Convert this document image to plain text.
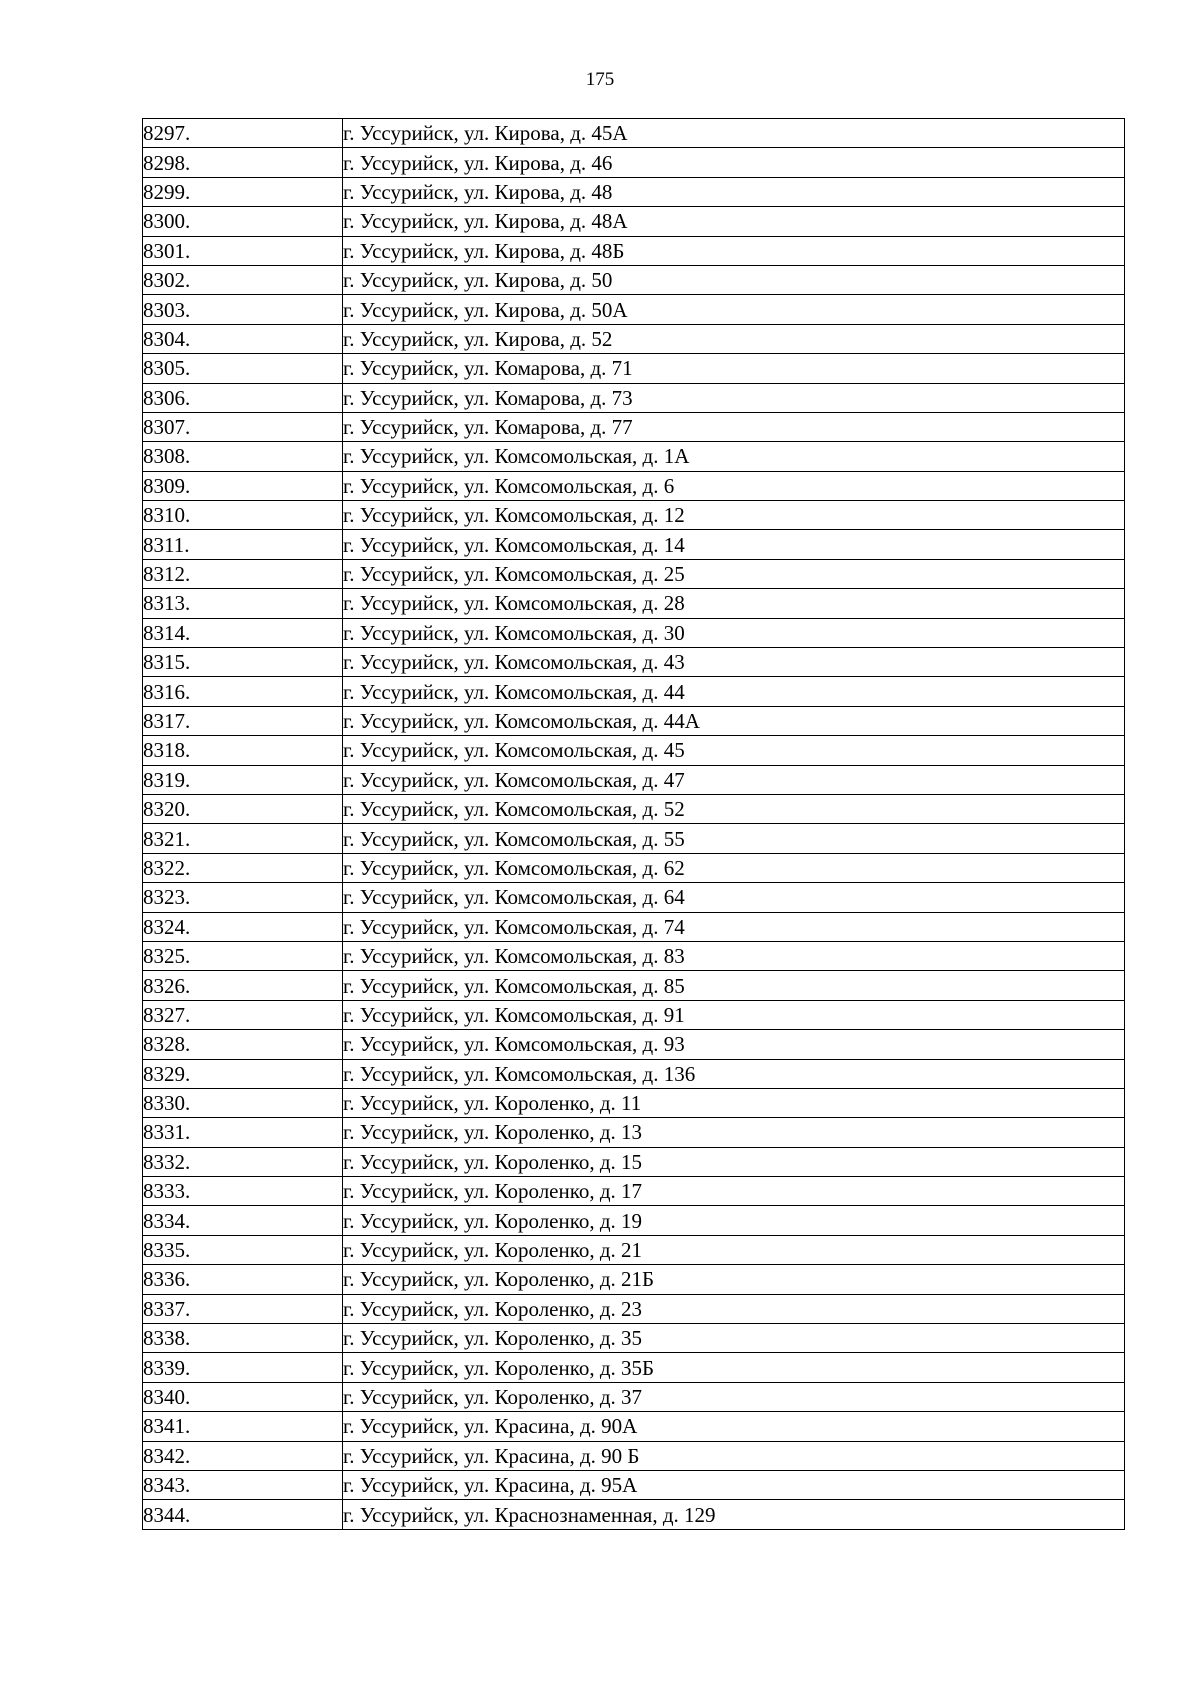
175
8297.	г. Уссурийск, ул. Кирова, д. 45А
8298.	г. Уссурийск, ул. Кирова, д. 46
8299.	г. Уссурийск, ул. Кирова, д. 48
8300.	г. Уссурийск, ул. Кирова, д. 48А
8301.	г. Уссурийск, ул. Кирова, д. 48Б
8302.	г. Уссурийск, ул. Кирова, д. 50
8303.	г. Уссурийск, ул. Кирова, д. 50А
8304.	г. Уссурийск, ул. Кирова, д. 52
8305.	г. Уссурийск, ул. Комарова, д. 71
8306.	г. Уссурийск, ул. Комарова, д. 73
8307.	г. Уссурийск, ул. Комарова, д. 77
8308.	г. Уссурийск, ул. Комсомольская, д. 1А
8309.	г. Уссурийск, ул. Комсомольская, д. 6
8310.	г. Уссурийск, ул. Комсомольская, д. 12
8311.	г. Уссурийск, ул. Комсомольская, д. 14
8312.	г. Уссурийск, ул. Комсомольская, д. 25
8313.	г. Уссурийск, ул. Комсомольская, д. 28
8314.	г. Уссурийск, ул. Комсомольская, д. 30
8315.	г. Уссурийск, ул. Комсомольская, д. 43
8316.	г. Уссурийск, ул. Комсомольская, д. 44
8317.	г. Уссурийск, ул. Комсомольская, д. 44А
8318.	г. Уссурийск, ул. Комсомольская, д. 45
8319.	г. Уссурийск, ул. Комсомольская, д. 47
8320.	г. Уссурийск, ул. Комсомольская, д. 52
8321.	г. Уссурийск, ул. Комсомольская, д. 55
8322.	г. Уссурийск, ул. Комсомольская, д. 62
8323.	г. Уссурийск, ул. Комсомольская, д. 64
8324.	г. Уссурийск, ул. Комсомольская, д. 74
8325.	г. Уссурийск, ул. Комсомольская, д. 83
8326.	г. Уссурийск, ул. Комсомольская, д. 85
8327.	г. Уссурийск, ул. Комсомольская, д. 91
8328.	г. Уссурийск, ул. Комсомольская, д. 93
8329.	г. Уссурийск, ул. Комсомольская, д. 136
8330.	г. Уссурийск, ул. Короленко, д. 11
8331.	г. Уссурийск, ул. Короленко, д. 13
8332.	г. Уссурийск, ул. Короленко, д. 15
8333.	г. Уссурийск, ул. Короленко, д. 17
8334.	г. Уссурийск, ул. Короленко, д. 19
8335.	г. Уссурийск, ул. Короленко, д. 21
8336.	г. Уссурийск, ул. Короленко, д. 21Б
8337.	г. Уссурийск, ул. Короленко, д. 23
8338.	г. Уссурийск, ул. Короленко, д. 35
8339.	г. Уссурийск, ул. Короленко, д. 35Б
8340.	г. Уссурийск, ул. Короленко, д. 37
8341.	г. Уссурийск, ул. Красина, д. 90А
8342.	г. Уссурийск, ул. Красина, д. 90 Б
8343.	г. Уссурийск, ул. Красина, д. 95А
8344.	г. Уссурийск, ул. Краснознаменная, д. 129
